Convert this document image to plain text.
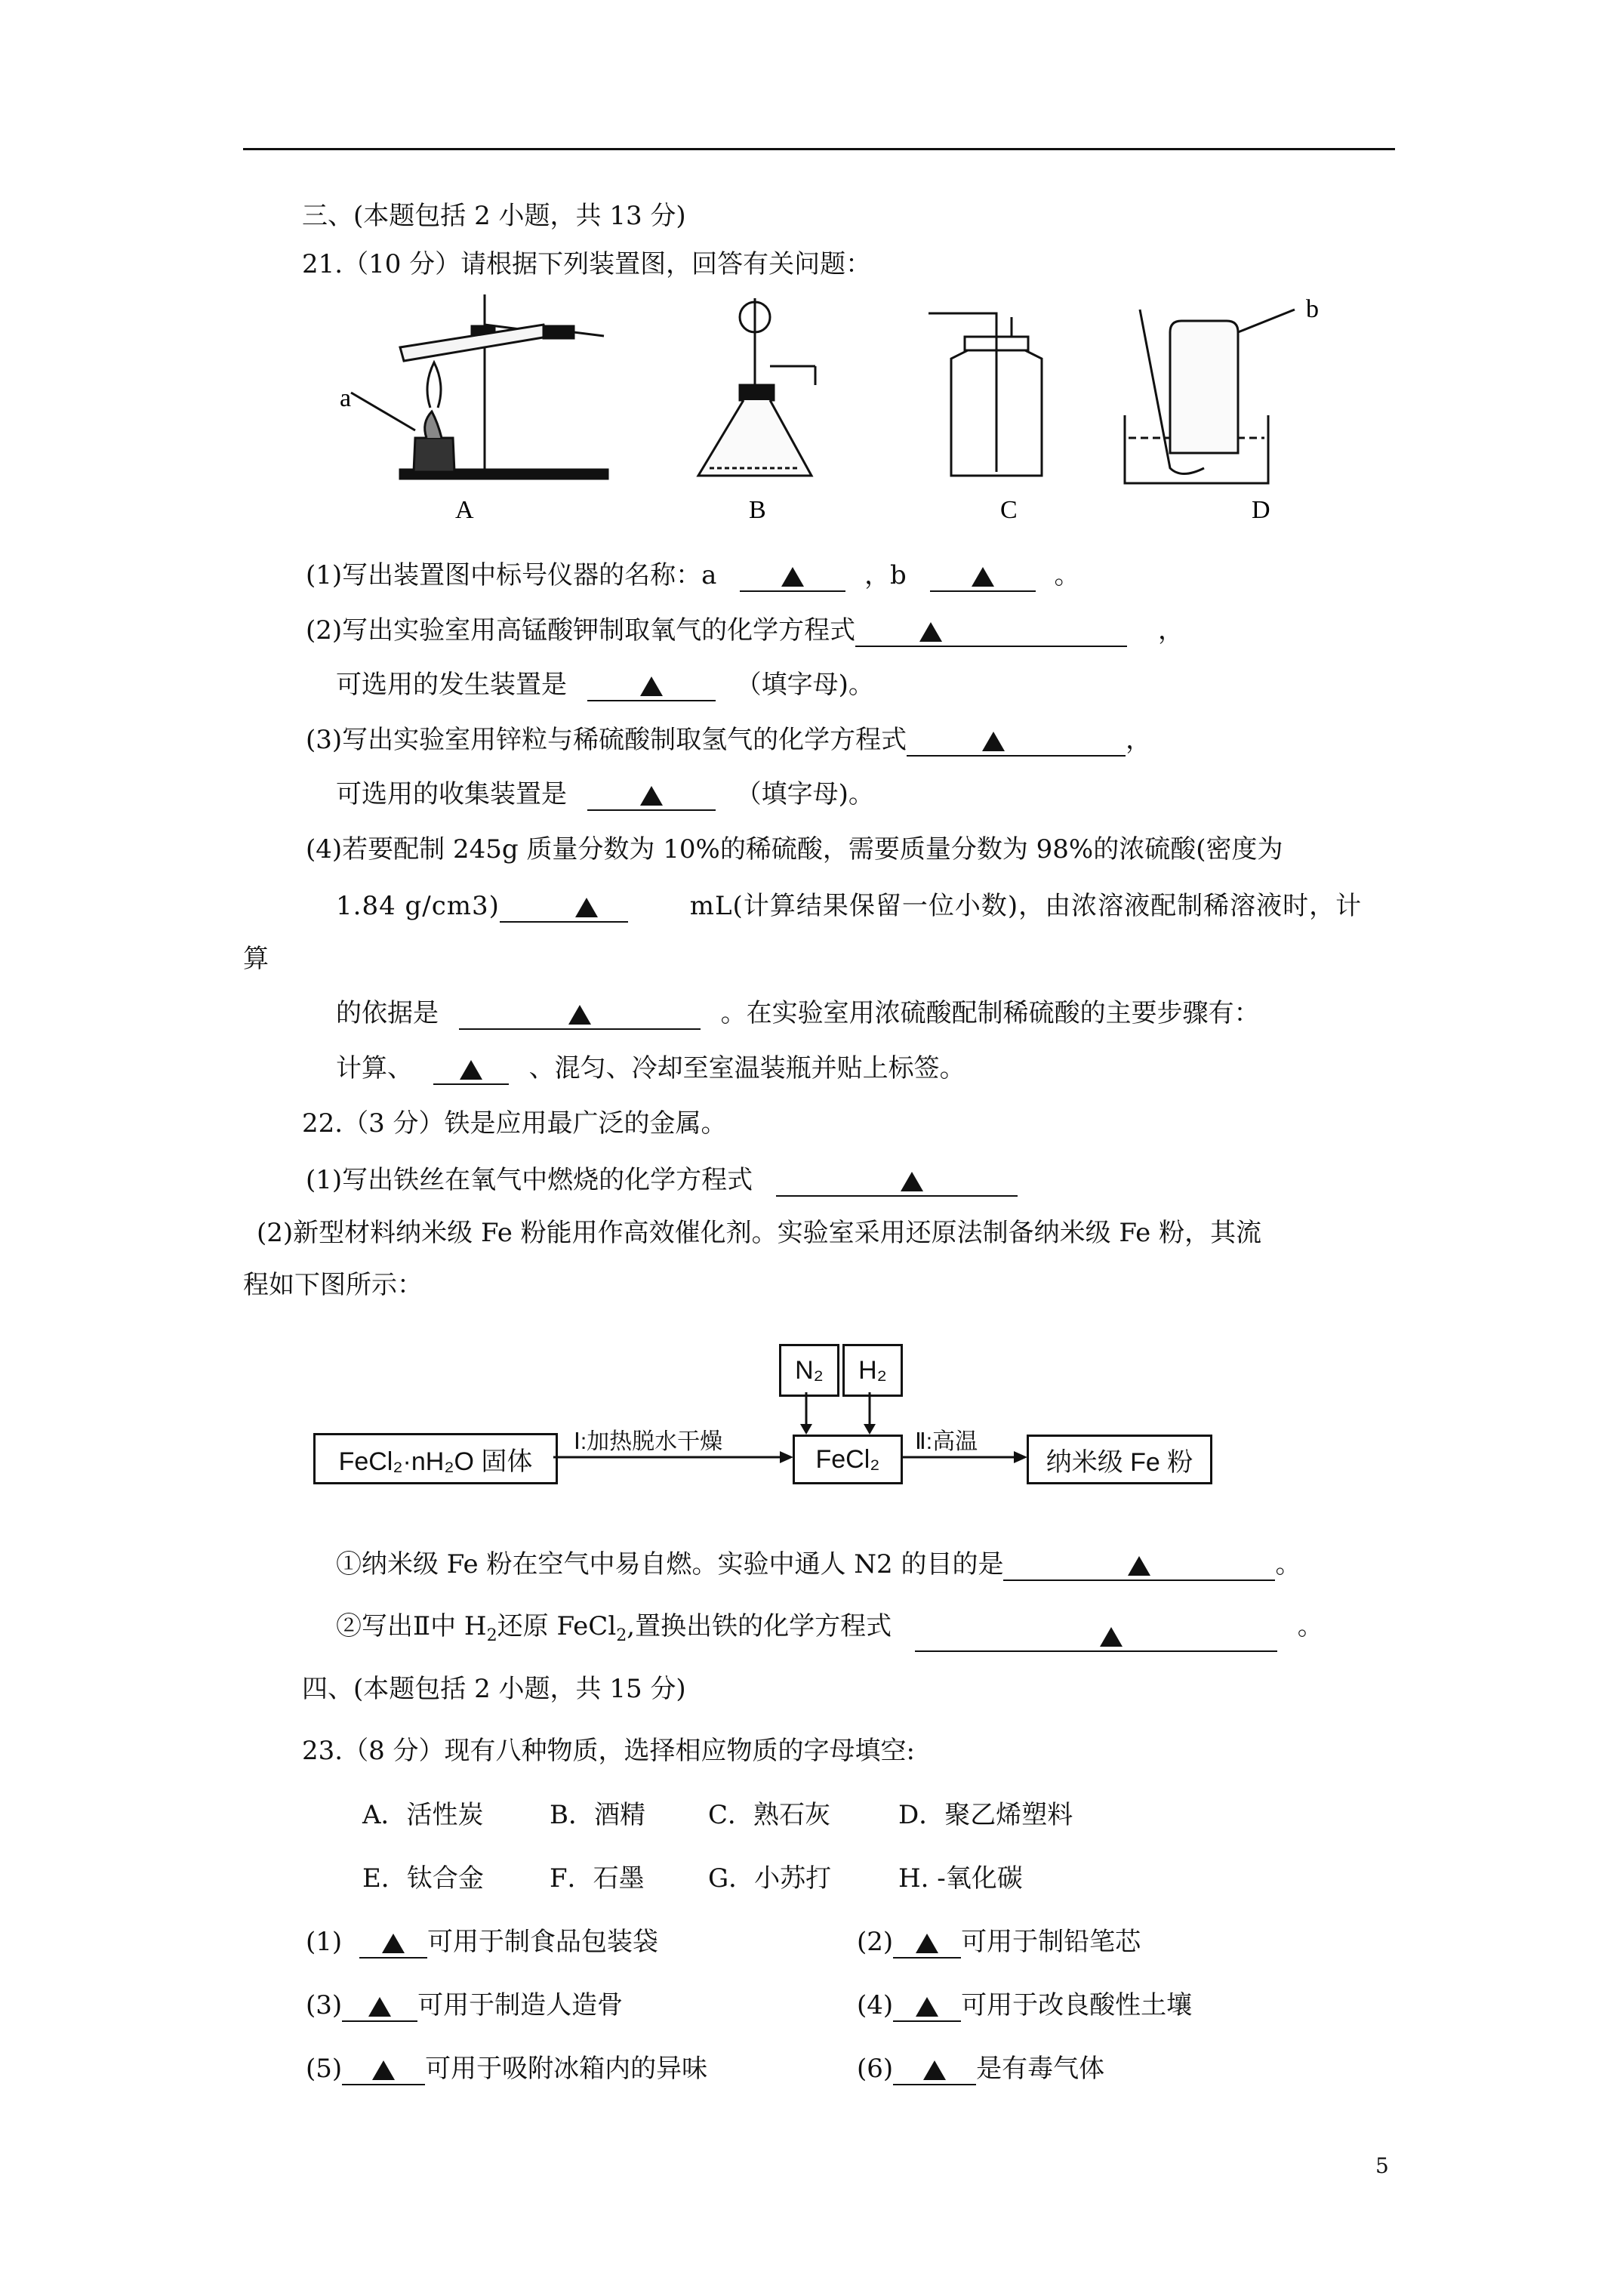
三、(本题包括 2 小题，共 13 分)
21.（10 分）请根据下列装置图，回答有关问题：
a
b
A	B	C	D
(1)写出装置图中标号仪器的名称：a	，b	。
(2)写出实验室用高锰酸钾制取氧气的化学方程式	，
可选用的发生装置是	（填字母)。
(3)写出实验室用锌粒与稀硫酸制取氢气的化学方程式	，
可选用的收集装置是	（填字母)。
(4)若要配制 245g 质量分数为 10%的稀硫酸，需要质量分数为 98%的浓硫酸(密度为
1.84 g/cm3)	mL(计算结果保留一位小数)，由浓溶液配制稀溶液时，计
算
的依据是	。在实验室用浓硫酸配制稀硫酸的主要步骤有：
计算、	、混匀、冷却至室温装瓶并贴上标签。
22.（3 分）铁是应用最广泛的金属。
(1)写出铁丝在氧气中燃烧的化学方程式
(2)新型材料纳米级 Fe 粉能用作高效催化剂。实验室采用还原法制备纳米级 Fe 粉，其流
程如下图所示：
FeCl₂·nH₂O 固体
Ⅰ:加热脱水干燥
FeCl₂
Ⅱ:高温
纳米级 Fe 粉
N₂	H₂
①纳米级 Fe 粉在空气中易自燃。实验中通人 N2 的目的是	。
②写出Ⅱ中 $H_2$还原 FeCl$_2$,置换出铁的化学方程式	。
四、(本题包括 2 小题，共 15 分)
23.（8 分）现有八种物质，选择相应物质的字母填空:
A．活性炭	B．酒精 C．熟石灰	D．聚乙烯塑料
E．钛合金	F．石墨 G．小苏打	H. -氧化碳
(1)	可用于制食品包装袋	(2)	可用于制铅笔芯
(3)	可用于制造人造骨	(4)	可用于改良酸性土壤
(5)	可用于吸附冰箱内的异味	(6)	是有毒气体
5
